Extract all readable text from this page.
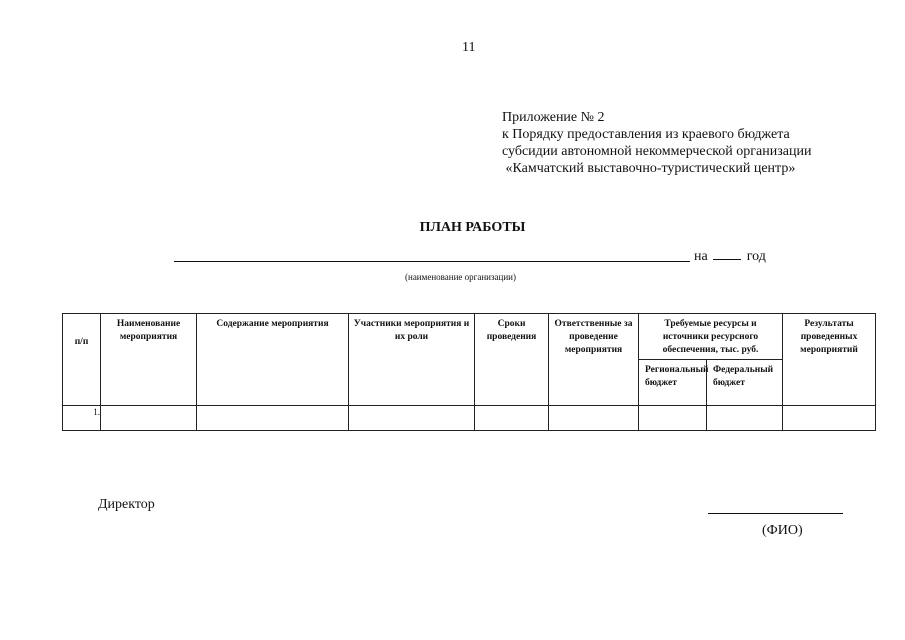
11
Приложение № 2
к Порядку предоставления из краевого бюджета
субсидии автономной некоммерческой организации
«Камчатский выставочно-туристический центр»
ПЛАН РАБОТЫ
на	год
(наименование организации)
п/п	Наименование мероприятия	Содержание мероприятия	Участники мероприятия и их роли	Сроки проведения	Ответственные за проведение мероприятия	Требуемые ресурсы и источники ресурсного обеспечения, тыс. руб.		Результаты проведенных мероприятий
						Региональный бюджет	Федеральный бюджет	
1.								
Директор
(ФИО)
